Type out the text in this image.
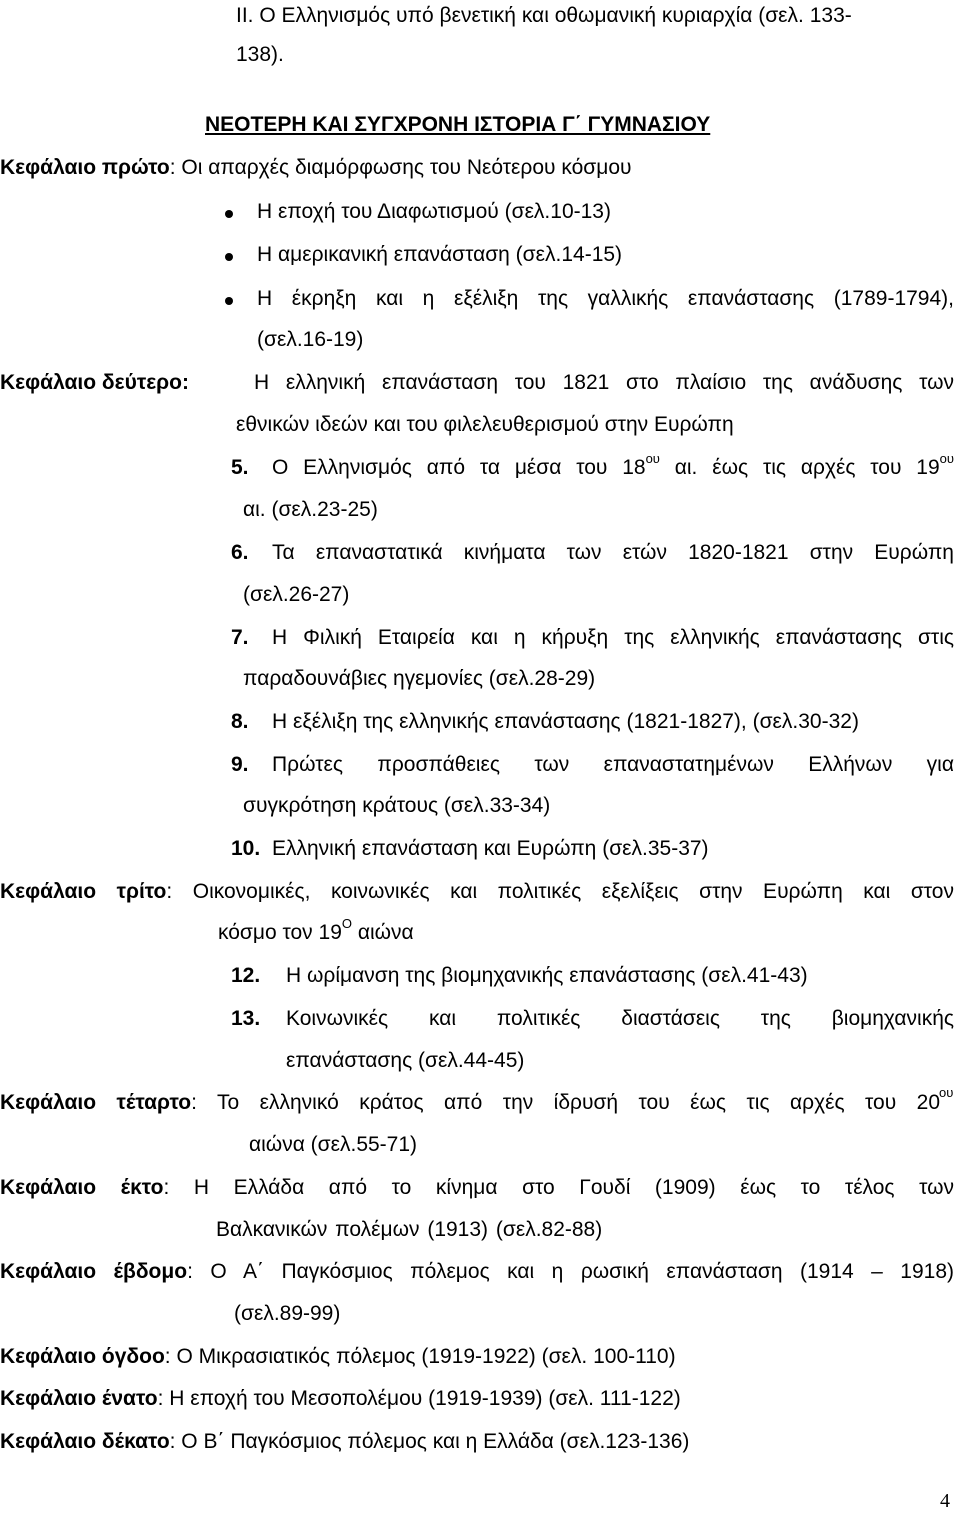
II. Ο Ελληνισμός υπό βενετική και οθωμανική κυριαρχία (σελ. 133-
138).
ΝΕΟΤΕΡΗ ΚΑΙ ΣΥΓΧΡΟΝΗ ΙΣΤΟΡΙΑ Γ΄ ΓΥΜΝΑΣΙΟΥ
Κεφάλαιο πρώτο: Οι απαρχές διαμόρφωσης του Νεότερου κόσμου
Η εποχή του Διαφωτισμού (σελ.10-13)
Η αμερικανική επανάσταση (σελ.14-15)
Η έκρηξη και η εξέλιξη της γαλλικής επανάστασης (1789-1794),
(σελ.16-19)
Κεφάλαιο δεύτερο:	Η ελληνική επανάσταση του 1821 στο πλαίσιο της ανάδυσης των
εθνικών ιδεών και του φιλελευθερισμού στην Ευρώπη
5. Ο Ελληνισμός από τα μέσα του $18^{o\upsilon}$ αι. έως τις αρχές του $19^{o\upsilon}$
αι. (σελ.23-25)
6. Τα επαναστατικά κινήματα των ετών 1820-1821 στην Ευρώπη
(σελ.26-27)
7. Η Φιλική Εταιρεία και η κήρυξη της ελληνικής επανάστασης στις
παραδουνάβιες ηγεμονίες (σελ.28-29)
8. Η εξέλιξη της ελληνικής επανάστασης (1821-1827), (σελ.30-32)
9. Πρώτες προσπάθειες των επαναστατημένων Ελλήνων για
συγκρότηση κράτους (σελ.33-34)
10. Ελληνική επανάσταση και Ευρώπη (σελ.35-37)
Κεφάλαιο τρίτο: Οικονομικές, κοινωνικές και πολιτικές εξελίξεις στην Ευρώπη και στον
κόσμο τον $19^O$ αιώνα
12. Η ωρίμανση της βιομηχανικής επανάστασης (σελ.41-43)
13. Κοινωνικές και πολιτικές διαστάσεις της βιομηχανικής
επανάστασης (σελ.44-45)
Κεφάλαιο τέταρτο: Το ελληνικό κράτος από την ίδρυσή του έως τις αρχές του 20
ου
αιώνα (σελ.55-71)
Κεφάλαιο έκτο: Η Ελλάδα από το κίνημα στο Γουδί (1909) έως το τέλος των
Βαλκανικών πολέμων (1913) (σελ.82-88)
Κεφάλαιο έβδομο: Ο Α΄ Παγκόσμιος πόλεμος και η ρωσική επανάσταση (1914 – 1918)
(σελ.89-99)
Κεφάλαιο όγδοο: Ο Μικρασιατικός πόλεμος (1919-1922) (σελ. 100-110)
Κεφάλαιο ένατο: Η εποχή του Μεσοπολέμου (1919-1939) (σελ. 111-122)
Κεφάλαιο δέκατο: Ο Β΄ Παγκόσμιος πόλεμος και η Ελλάδα (σελ.123-136)
4
